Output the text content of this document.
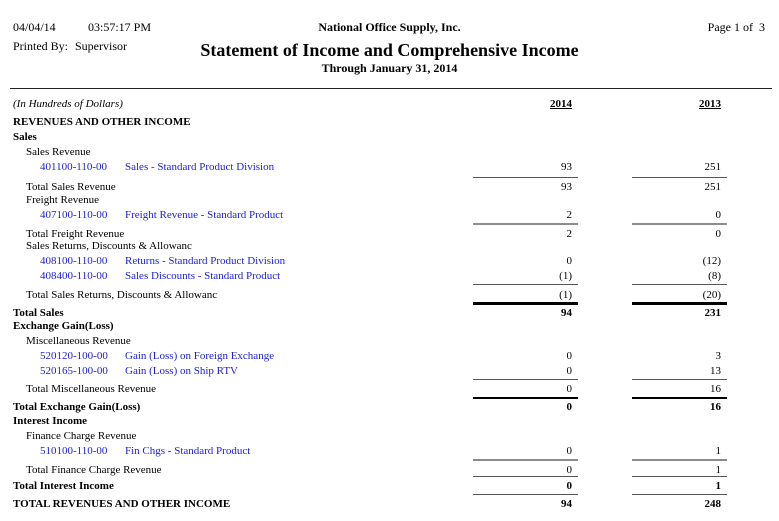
04/04/14	03:57:17 PM
Printed By: Supervisor
National Office Supply, Inc.
Statement of Income and Comprehensive Income
Through January 31, 2014
Page 1 of  3
(In Hundreds of Dollars)	2014	2013
REVENUES AND OTHER INCOME
Sales
Sales Revenue
401100-110-00 Sales - Standard Product Division	93	251
Total Sales Revenue	93	251
Freight Revenue
407100-110-00 Freight Revenue - Standard Product	2	0
Total Freight Revenue	2	0
Sales Returns, Discounts & Allowanc
408100-110-00 Returns - Standard Product Division	0	(12)
408400-110-00 Sales Discounts - Standard Product	(1)	(8)
Total Sales Returns, Discounts & Allowanc	(1)	(20)
Total Sales	94	231
Exchange Gain(Loss)
Miscellaneous Revenue
520120-100-00 Gain (Loss) on Foreign Exchange	0	3
520165-100-00 Gain (Loss) on Ship RTV	0	13
Total Miscellaneous Revenue	0	16
Total Exchange Gain(Loss)	0	16
Interest Income
Finance Charge Revenue
510100-110-00 Fin Chgs - Standard Product	0	1
Total Finance Charge Revenue	0	1
Total Interest Income	0	1
TOTAL REVENUES AND OTHER INCOME	94	248
